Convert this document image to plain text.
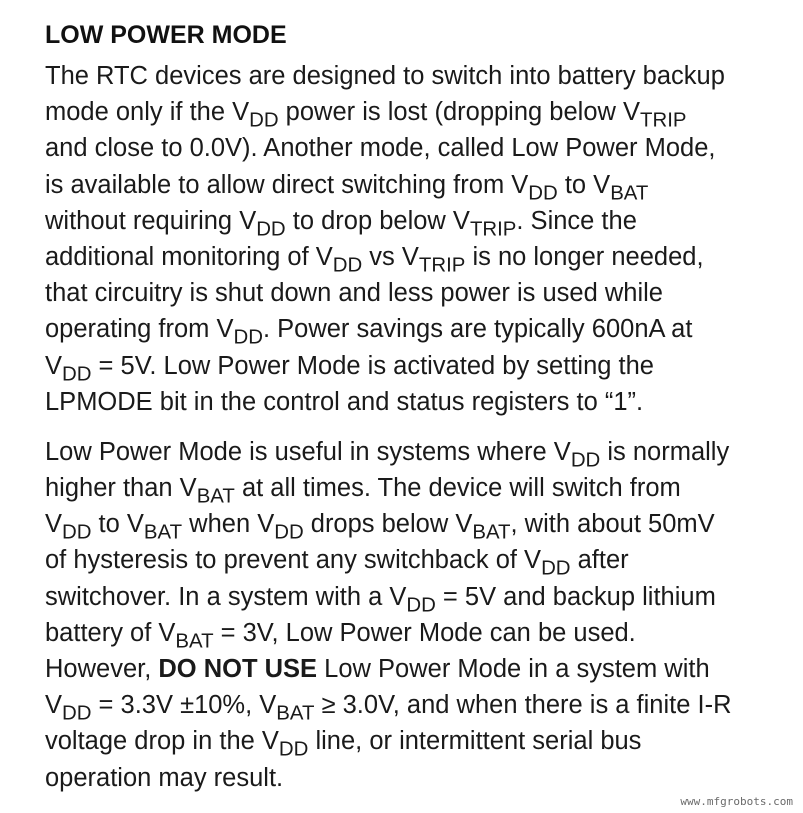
LOW POWER MODE
The RTC devices are designed to switch into battery backup
mode only if the $V_{DD}$ power is lost (dropping below $V_{TRIP}$
and close to 0.0V). Another mode, called Low Power Mode,
is available to allow direct switching from $V_{DD}$ to $V_{BAT}$
without requiring $V_{DD}$ to drop below $V_{TRIP}$. Since the
additional monitoring of $V_{DD}$ vs $V_{TRIP}$ is no longer needed,
that circuitry is shut down and less power is used while
operating from $V_{DD}$. Power savings are typically 600nA at
$V_{DD} = 5V$. Low Power Mode is activated by setting the
LPMODE bit in the control and status registers to “1”.
Low Power Mode is useful in systems where $V_{DD}$ is normally
higher than $V_{BAT}$ at all times. The device will switch from
$V_{DD}$ to $V_{BAT}$ when $V_{DD}$ drops below $V_{BAT}$, with about 50mV
of hysteresis to prevent any switchback of $V_{DD}$ after
switchover. In a system with a $V_{DD} = 5V$ and backup lithium
battery of $V_{BAT} = 3V$, Low Power Mode can be used.
However, DO NOT USE Low Power Mode in a system with
$V_{DD} = 3.3V \pm 10\%$, $V_{BAT} \ge 3.0V$, and when there is a finite I-R
voltage drop in the $V_{DD}$ line, or intermittent serial bus
operation may result.
www.mfgrobots.com
